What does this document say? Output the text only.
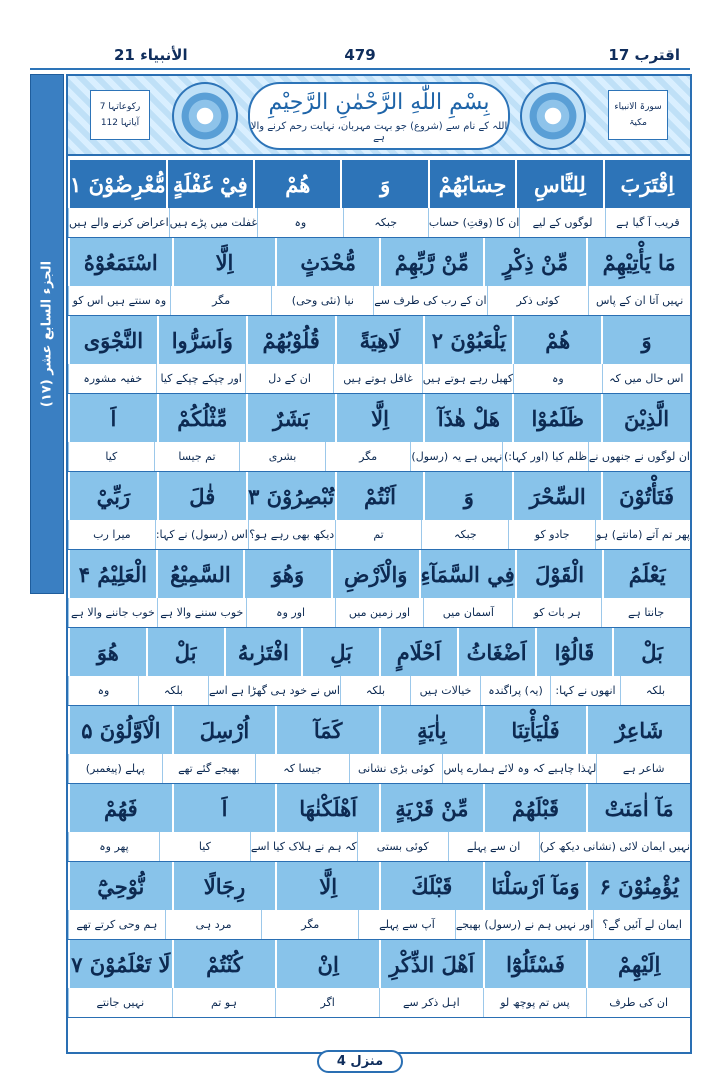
الأنبياء 21	479	اقترب 17
الجزء السابع عشر (١٧)
رکوعاتہا 7
آیاتہا 112
بِسْمِ اللّٰهِ الرَّحْمٰنِ الرَّحِيْمِ
اللہ کے نام سے (شروع) جو بہت مہربان، نہایت رحم کرنے والا ہے
سورۃ الانبیاء
مکیۃ
اِقْتَرَبَ
لِلنَّاسِ
حِسَابُهُمْ
وَ
هُمْ
فِيْ غَفْلَةٍ
مُّعْرِضُوْنَ ۱
قریب آ گیا ہے
لوگوں کے لیے
ان کا (وقتِ) حساب
جبکہ
وہ
غفلت میں پڑے ہیں
اعراض کرنے والے ہیں
مَا يَأْتِيْهِمْ
مِّنْ ذِكْرٍ
مِّنْ رَّبِّهِمْ
مُّحْدَثٍ
اِلَّا
اسْتَمَعُوْهُ
نہیں آتا ان کے پاس
کوئی ذکر
ان کے رب کی طرف سے
نیا (نئی وحی)
مگر
وہ سنتے ہیں اس کو
وَ
هُمْ
يَلْعَبُوْنَ ۲
لَاهِيَةً
قُلُوْبُهُمْ
وَاَسَرُّوا
النَّجْوَى
اس حال میں کہ
وہ
کھیل رہے ہوتے ہیں
غافل ہوتے ہیں
ان کے دل
اور چپکے چپکے کیا
خفیہ مشورہ
الَّذِيْنَ
ظَلَمُوْا
هَلْ هٰذَآ
اِلَّا
بَشَرٌ
مِّثْلُكُمْ
اَ
ان لوگوں نے جنھوں نے
ظلم کیا (اور کہا:)
نہیں ہے یہ (رسول)
مگر
بشری
تم جیسا
کیا
فَتَأْتُوْنَ
السِّحْرَ
وَ
اَنْتُمْ
تُبْصِرُوْنَ ۳
قٰلَ
رَبِّيْ
پھر تم آتے (مانتے) ہو
جادو کو
جبکہ
تم
دیکھ بھی رہے ہو؟
اس (رسول) نے کہا:
میرا رب
يَعْلَمُ
الْقَوْلَ
فِي السَّمَآءِ
وَالْاَرْضِ
وَهُوَ
السَّمِيْعُ
الْعَلِيْمُ ۴
جانتا ہے
ہر بات کو
آسمان میں
اور زمین میں
اور وہ
خوب سننے والا ہے
خوب جاننے والا ہے
بَلْ
قَالُوْٓا
اَضْغَاثُ
اَحْلَامٍ
بَلِ
افْتَرٰىهُ
بَلْ
هُوَ
بلکہ
انھوں نے کہا:
(یہ) پراگندہ
خیالات ہیں
بلکہ
اس نے خود ہی گھڑا ہے اسے
بلکہ
وہ
شَاعِرٌ
فَلْيَأْتِنَا
بِاٰيَةٍ
كَمَآ
اُرْسِلَ
الْاَوَّلُوْنَ ۵
شاعر ہے
لہٰذا چاہیے کہ وہ لائے ہمارے پاس
کوئی بڑی نشانی
جیسا کہ
بھیجے گئے تھے
پہلے (پیغمبر)
مَآ اٰمَنَتْ
قَبْلَهُمْ
مِّنْ قَرْيَةٍ
اَهْلَكْنٰهَا
اَ
فَهُمْ
نہیں ایمان لائی (نشانی دیکھ کر)
ان سے پہلے
کوئی بستی
کہ ہم نے ہلاک کیا اسے
کیا
پھر وہ
يُؤْمِنُوْنَ ۶
وَمَآ اَرْسَلْنَا
قَبْلَكَ
اِلَّا
رِجَالًا
نُّوْحِيْٓ
ایمان لے آئیں گے؟
اور نہیں ہم نے (رسول) بھیجے
آپ سے پہلے
مگر
مرد ہی
ہم وحی کرتے تھے
اِلَيْهِمْ
فَسْئَلُوْٓا
اَهْلَ الذِّكْرِ
اِنْ
كُنْتُمْ
لَا تَعْلَمُوْنَ ۷
ان کی طرف
پس تم پوچھ لو
اہل ذکر سے
اگر
ہو تم
نہیں جانتے
منزل 4
